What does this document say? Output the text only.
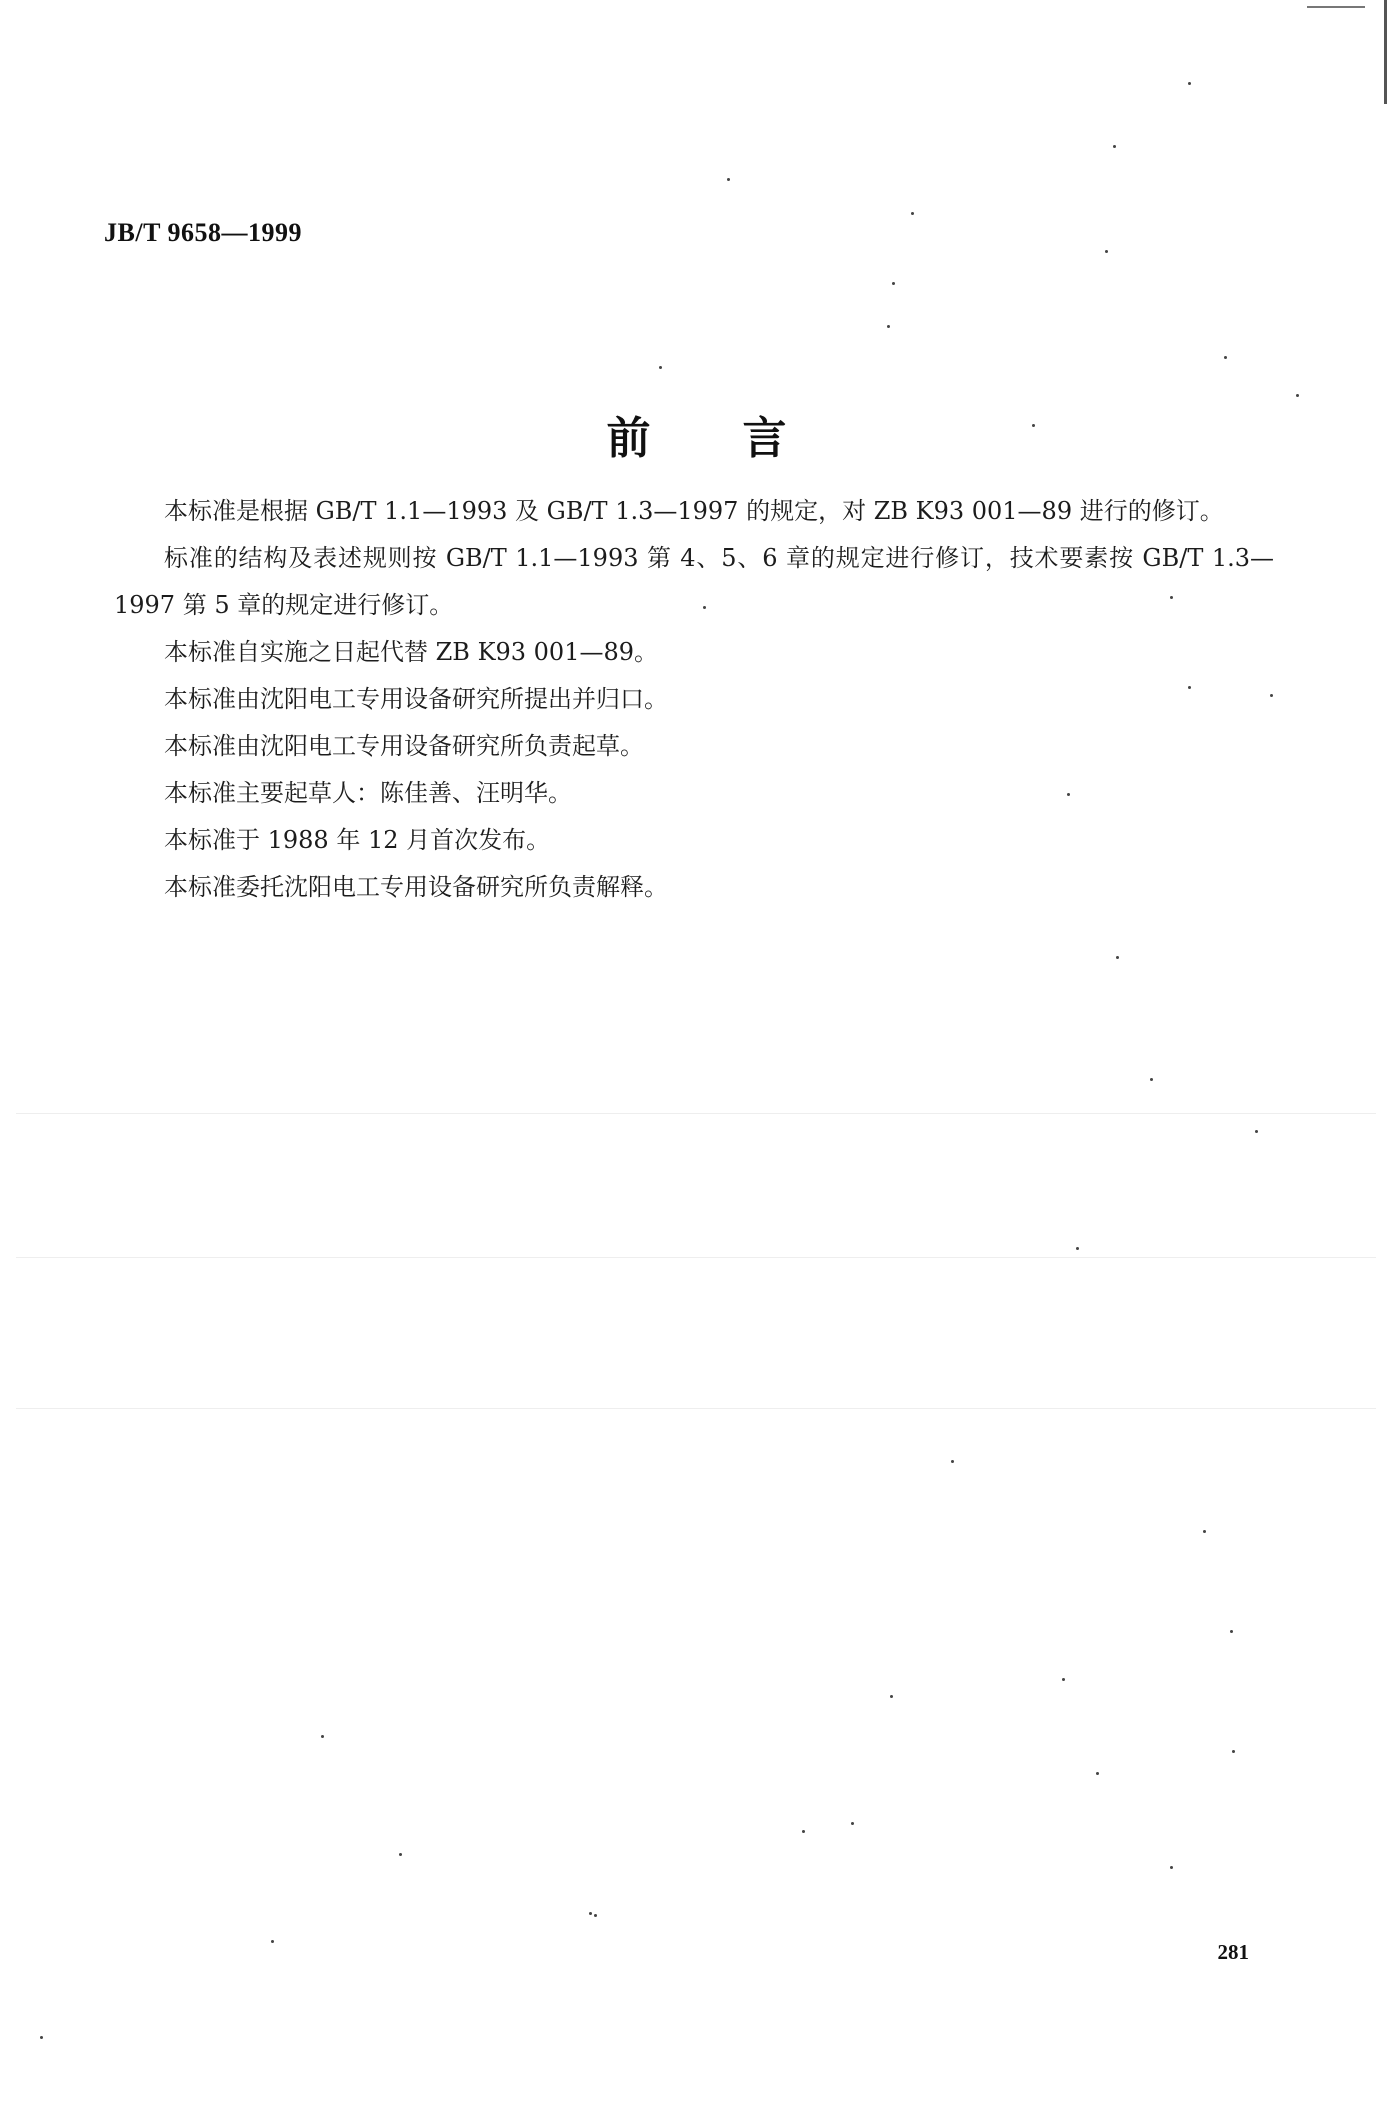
JB/T 9658—1999
前 言

本标准是根据 GB/T 1.1—1993 及 GB/T 1.3—1997 的规定，对 ZB K93 001—89 进行的修订。

标准的结构及表述规则按 GB/T 1.1—1993 第 4、5、6 章的规定进行修订，技术要素按 GB/T 1.3—1997 第 5 章的规定进行修订。

本标准自实施之日起代替 ZB K93 001—89。

本标准由沈阳电工专用设备研究所提出并归口。

本标准由沈阳电工专用设备研究所负责起草。

本标准主要起草人：陈佳善、汪明华。

本标准于 1988 年 12 月首次发布。

本标准委托沈阳电工专用设备研究所负责解释。

281
